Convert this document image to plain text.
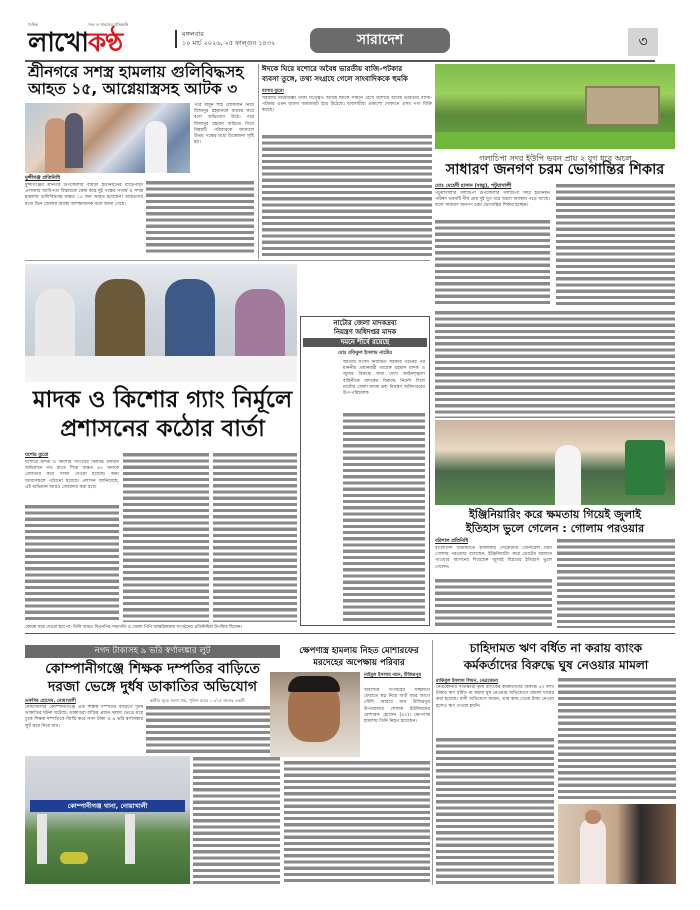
দৈনিক	সত্য ও সাহসের প্রতিধ্বনি
লাখোকণ্ঠ	মঙ্গলবার
১০ মার্চ ২০২৬, ২৫ ফাল্গুন ১৪৩২	সারাদেশ	৩
শ্রীনগরে সশস্ত্র হামলায় গুলিবিদ্ধসহ
আহত ১৫, আগ্নেয়াস্ত্রসহ আটক ৩
মুন্সীগঞ্জ প্রতিনিধি
মুন্সীগঞ্জের শ্রীনগর উপজেলার বাঘড়া ইউনিয়নের বাড়ৈপাড়া এলাকায় আধিপত্য বিস্তারকে কেন্দ্র করে দুই পক্ষের সংঘর্ষ ও সশস্ত্র হামলায় গুলিবিদ্ধসহ অন্তত ১৫ জন আহত হয়েছেন। আহতদের মধ্যে তিন জেলার অবস্থা আশঙ্কাজনক বলে জানা গেছে।
পরে মামুন শাহ লোকজন নিয়ে মিজানুর রহমানকে মারধর করে বলে অভিযোগ উঠে। পরে মিজানুর রহমান বাড়িতে গিয়ে বিষয়টি পরিবারকে জানালে উভয় পক্ষের মধ্যে উত্তেজনা সৃষ্টি হয়।
ঈদকে ঘিরে যশোরে অবৈধ ভারতীয় বাজি-পটকার
ব্যবসা তুঙ্গে, তথ্য সংগ্রহে গেলে সাংবাদিককে হুমকি
যশোর ব্যুরো
সরকারি নিষেধাজ্ঞা থাকা সত্ত্বেও আসন্ন ঈদকে সামনে রেখে যশোরে অবৈধ ভারতীয় বাজি-পটকার এমন ব্যবসা জমজমাট হয়ে উঠেছে। ব্যবসায়ীরা প্রকাশ্যে দোকানে এসব পণ্য বিক্রি করছে।
গলাচিপা সদর ইউপি ভবন প্রায় ২ যুগ ধরে অচল
সাধারণ জনগণ চরম ভোগান্তির শিকার
মোঃ মেহেদী হাসান (বাচ্চু), পটুয়াখালী
পটুয়াখালীর গলাচিপা উপজেলার গলাচিপা সদর ইউনিয়ন পরিষদ ভবনটি দীর্ঘ প্রায় দুই যুগ ধরে অচল অবস্থায় পড়ে আছে। ফলে সাধারণ জনগণ চরম ভোগান্তির শিকার হচ্ছেন।
নাটোর জেলা মাদকদ্রব্য
নিয়ন্ত্রণ অধিদপ্তর মাদক
দমনে শীর্ষে রয়েছে
মোঃ রফিকুল ইসলাম নাটোর
জাতীয় সংসদ নির্বাচিত সরকার গঠনের পর মাননীয় প্রধানমন্ত্রী তারেক রহমান মাদক ও জুয়ার বিরুদ্ধে সারা দেশে আইনশৃঙ্খলা বাহিনীকে মাদকের বিরুদ্ধে নির্দেশ দিলে নাটোর জেলা মাদক দ্রব্য নিয়ন্ত্রণ অধিদপ্তরের উপ-পরিচালক
মাদক ও কিশোর গ্যাং নির্মূলে
প্রশাসনের কঠোর বার্তা
যশোর ব্যুরো
যশোরে মাদক ও কিশোর গ্যাংয়ের বিরুদ্ধে চলমান অভিযানে গত রাতে শিয়ে অন্তত ৪০ জনকে গ্রেফতার করে সাজা দেওয়া হয়েছে। অন্য আবাসস্থলে পাঠানো হয়েছে। প্রশাসন জানিয়েছে, এই অভিযান আরও জোরদার করা হবে।
কোনো ছাড় দেওয়া হবে না। তিনি আরও বিএনপির সভাপতি ও জেলা পিপি আন্তরিকতায় সংগঠনের প্রতিনিধিরা উপস্থিত ছিলেন।
ইঞ্জিনিয়ারিং করে ক্ষমতায় গিয়েই জুলাই
ইতিহাস ভুলে গেলেন : গোলাম পরওয়ার
বরিশাল প্রতিনিধি
বাংলাদেশ জামায়াতে ইসলামীর সেক্রেটারি জেনারেল মিয়া গোলাম পরওয়ার বলেছেন, ইঞ্জিনিয়ারিং করে ভোটের ময়দানে পাওয়ার আসনের দিয়েছেন জুলাই বিপ্লবের ইতিহাস ভুলে গেলেন।
নগদ টাকাসহ ৯ ভরি স্বর্ণালঙ্কার লুট
কোম্পানীগঞ্জে শিক্ষক দম্পতির বাড়িতে
দরজা ভেঙ্গে দুর্ধষ ডাকাতির অভিযোগ
তফসির হোসেন, নোয়াখালী	স্থানীয় সূত্রে জানা যায়, পুলিশ রাতে ১০/১৫ জনের একটি
নোয়াখালীর কোম্পানীগঞ্জে এক শিক্ষক দম্পতির বাড়িতে দুর্ধষ ডাকাতির ঘটনা ঘটেছে। ডাকাতরা বাড়ির প্রধান দরজা ভেঙে ঘরে ঢুকে শিক্ষক দম্পতিকে জিম্মি করে নগদ টাকা ও ৯ ভরি স্বর্ণালঙ্কার লুট করে নিয়ে যায়।
কোম্পানীগঞ্জ থানা, নোয়াখালী
ক্ষেপণাস্ত্র হামলায় নিহত মোশারফের
মরদেহের অপেক্ষায় পরিবার
নাইমুল ইসলাম নয়ন, উজিরপুর
অবশেষে সংসারের সচ্ছলতা ফেরাতে স্বপ্ন নিয়ে আট বছর আগে সৌদি আরবে যান উজিরপুর উপজেলার শোলক ইউনিয়নের মোশারফ হোসেন (৪০)। ক্ষেপণাস্ত্র হামলায় তিনি নিহত হয়েছেন।
চাহিদামত ঋণ বর্ধিত না করায় ব্যাংক
কর্মকর্তাদের বিরুদ্ধে ঘুষ নেওয়ার মামলা
রাকিবুল ইসলাম লিমন, নেত্রকোনা
নেত্রকোনার সাতক্ষীরা কৃষি ব্যাংকের কর্মকর্তাদের বিরুদ্ধে ৫০ লাখ টাকার ঋণ বর্ধিত না করায় ঘুষ নেওয়ার অভিযোগে মামলা দায়ের করা হয়েছে। বাদী অভিযোগ করেন, তার কাছ থেকে টাকা নেওয়া হলেও ঋণ দেওয়া হয়নি।
